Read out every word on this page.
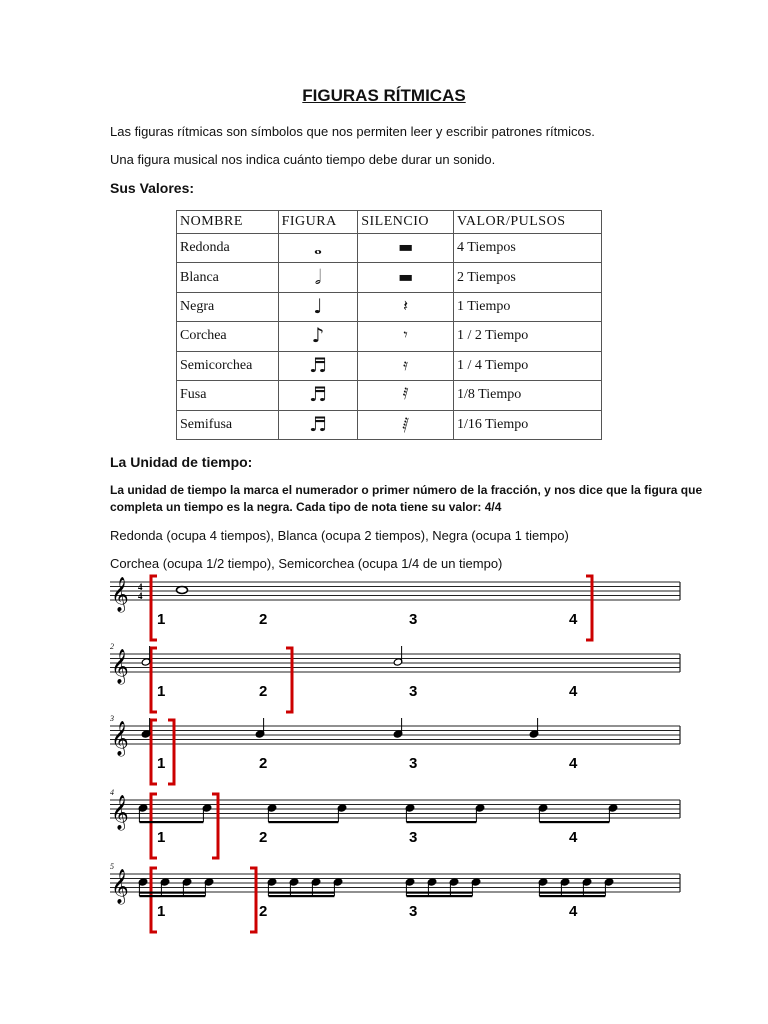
FIGURAS RÍTMICAS
Las figuras rítmicas son símbolos que nos permiten leer y escribir patrones rítmicos.
Una figura musical nos indica cuánto tiempo debe durar un sonido.
Sus Valores:
NOMBRE	FIGURA	SILENCIO	VALOR/PULSOS
Redonda	𝅝	▬	4 Tiempos
Blanca	𝅗𝅥	▬	2 Tiempos
Negra	♩	𝄽	1 Tiempo
Corchea	♪	𝄾	1 / 2 Tiempo
Semicorchea	♬	𝄿	1 / 4 Tiempo
Fusa	♬	𝅀	1/8 Tiempo
Semifusa	♬	𝅁	1/16 Tiempo
La Unidad de tiempo:
La unidad de tiempo la marca el numerador o primer número de la fracción, y nos dice que la figura que completa un tiempo es la negra. Cada tipo de nota tiene su valor: 4/4
Redonda (ocupa 4 tiempos), Blanca (ocupa 2 tiempos), Negra (ocupa 1 tiempo)
Corchea (ocupa 1/2 tiempo), Semicorchea (ocupa 1/4 de un tiempo)
𝄞 4
4
1	2	3	4
2
𝄞
1	2	3	4
3
𝄞
1	2	3	4
4
𝄞
1	2	3	4
5
𝄞
1	2	3	4
